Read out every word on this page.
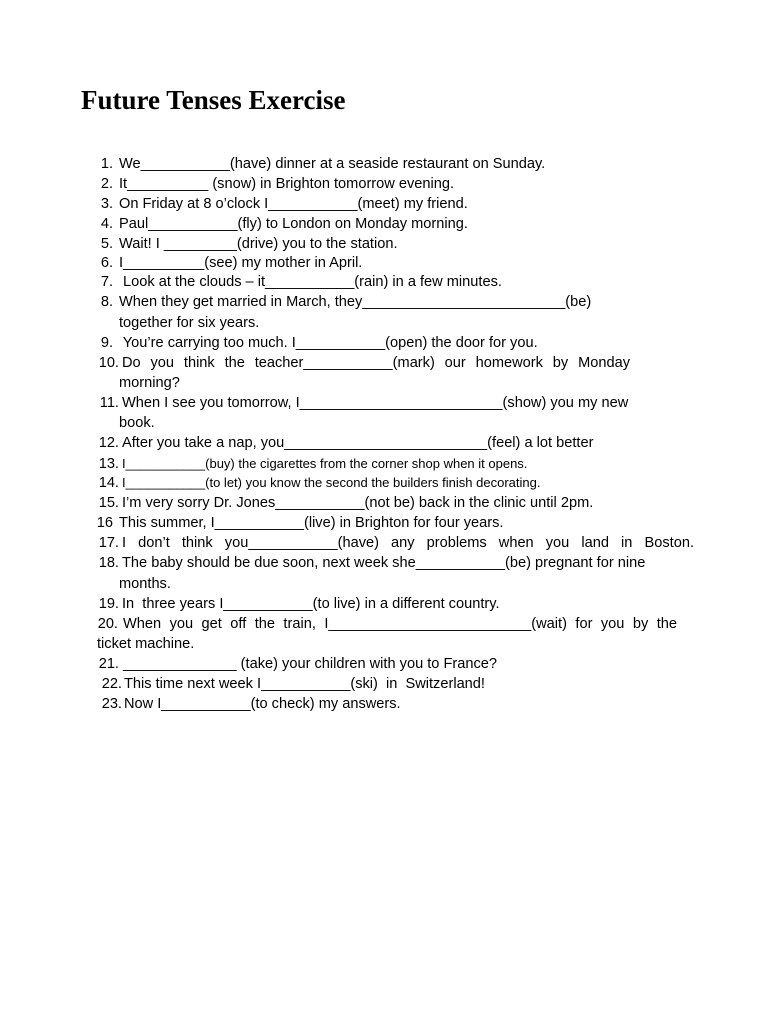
Future Tenses Exercise

1.

We___________(have) dinner at a seaside restaurant on Sunday.

2.

It__________ (snow) in Brighton tomorrow evening.

3.

On Friday at 8 o’clock I___________(meet) my friend.

4.

Paul___________(fly) to London on Monday morning.

5.

Wait! I _________(drive) you to the station.

6.

I__________(see) my mother in April.

7.

Look at the clouds – it___________(rain) in a few minutes.

8.

When they get married in March, they_________________________(be)

together for six years.

9.

You’re carrying too much. I___________(open) the door for you.

10.

Do you think the teacher___________(mark) our homework by Monday

morning?

11.

When I see you tomorrow, I_________________________(show) you my new

book.

12.

After you take a nap, you_________________________(feel) a lot better

13.

I___________(buy) the cigarettes from the corner shop when it opens.

14.

I___________(to let) you know the second the builders finish decorating.

15.

I’m very sorry Dr. Jones___________(not be) back in the clinic until 2pm.

16

This summer, I___________(live) in Brighton for four years.

17.

I don’t think you___________(have) any problems when you land in Boston.

18.

The baby should be due soon, next week she___________(be) pregnant for nine

months.

19.

In  three years I___________(to live) in a different country.

20.

When you get off the train, I_________________________(wait) for you by the

ticket machine.

21.

______________ (take) your children with you to France?

22.

This time next week I___________(ski)  in  Switzerland!

23.

Now I___________(to check) my answers.
